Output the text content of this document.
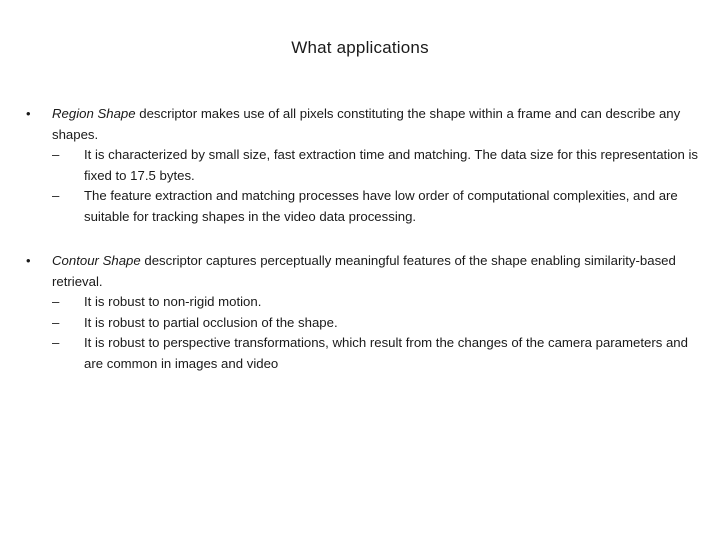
What applications
•	Region Shape descriptor makes use of all pixels constituting the shape within a frame and can describe any shapes.
–	It is characterized by small size, fast extraction time and matching. The data size for this representation is fixed to 17.5 bytes.
–	The feature extraction and matching processes have low order of computational complexities, and are suitable for tracking shapes in the video data processing.
•	Contour Shape descriptor captures perceptually meaningful features of the shape enabling similarity-based retrieval.
–	It is robust to non-rigid motion.
–	It is robust to partial occlusion of the shape.
–	It is robust to perspective transformations, which result from the changes of the camera parameters and are common in images and video
